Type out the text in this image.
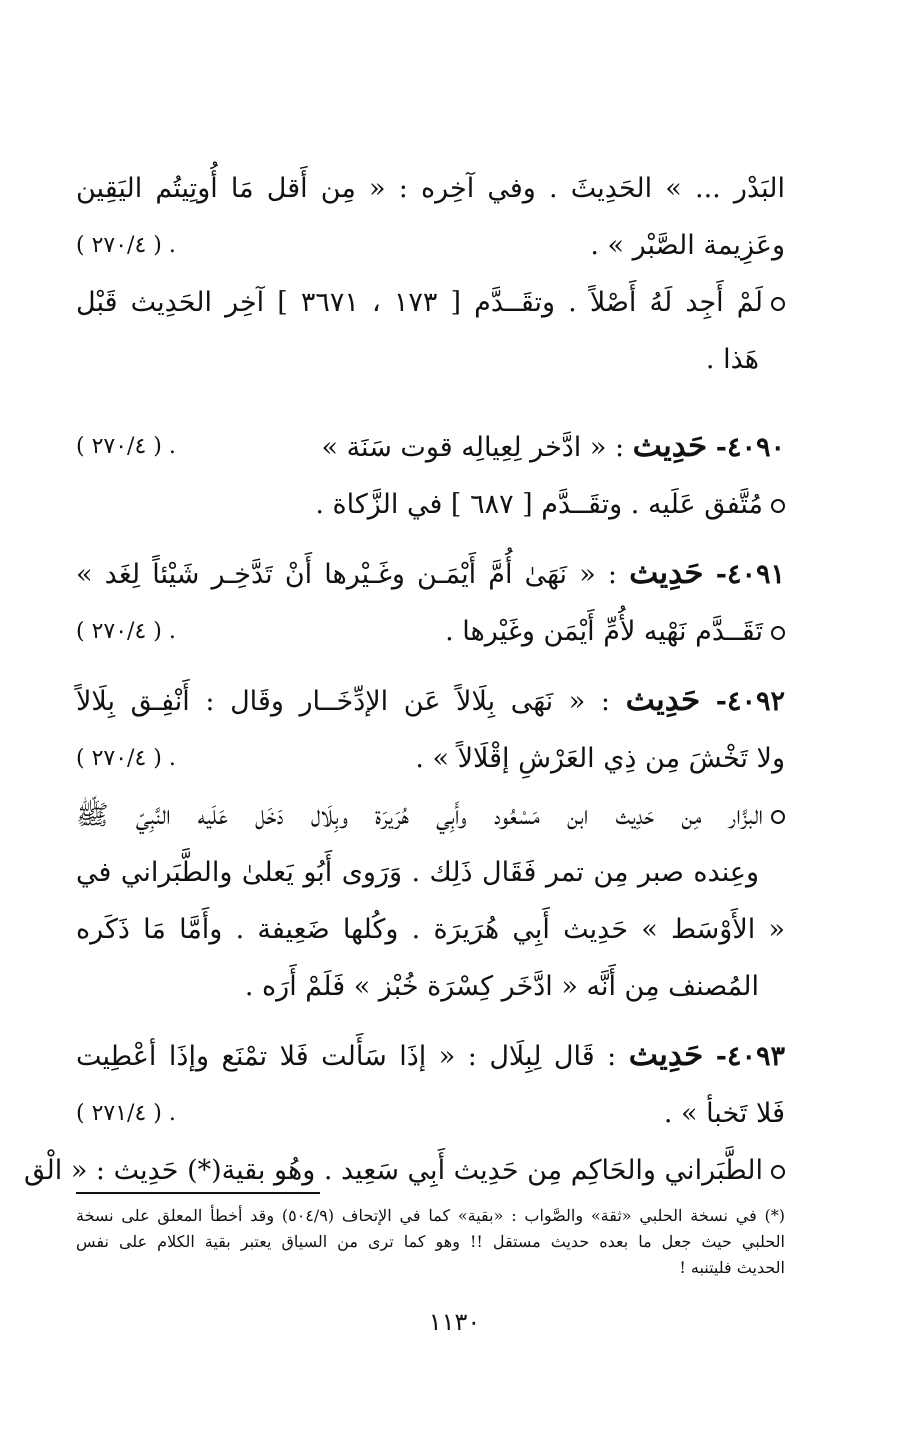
البَدْر ... » الحَدِيثَ . وفي آخِره : « مِن أَقل مَا أُوتِيتُم اليَقِين
وعَزِيمة الصَّبْر » .
( ٢٧٠/٤ ) .
لَمْ أَجِد لَهُ أَصْلاً . وتقَــدَّم [ ١٧٣ ، ٣٦٧١ ] آخِر الحَدِيث قَبْل
هَذا .
٤٠٩٠- حَدِيث : « ادَّخر لِعِيالِه قوت سَنَة »
( ٢٧٠/٤ ) .
مُتَّفق عَلَيه . وتقَــدَّم [ ٦٨٧ ] في الزَّكاة .
٤٠٩١- حَدِيث : « نَهَىٰ أُمَّ أَيْمَـن وغَـيْرها أَنْ تَدَّخِـر شَيْئاً لِغَد »
( ٢٧٠/٤ ) .	تَقَــدَّم نَهْيه لأُمِّ أَيْمَن وغَيْرها .
٤٠٩٢- حَدِيث : « نَهَى بِلَالاً عَن الإدِّخَــار وقَال : أَنْفِـق بِلَالاً
ولا تَخْشَ مِن ذِي العَرْشِ إقْلَالاً » .
( ٢٧٠/٤ ) .
البزَّار مِن حَدِيث ابن مَسْعُود وأَبِي هُرَيرَة وبِلَال دَخَل عَلَيه النَّبِيّ ﷺ
وعِنده صبر مِن تمر فَقَال ذَلِك . وَرَوى أَبُو يَعلىٰ والطَّبَراني في
« الأَوْسَط » حَدِيث أَبِي هُرَيرَة . وكُلها ضَعِيفة . وأَمَّا مَا ذَكَره
المُصنف مِن أَنَّه « ادَّخَر كِسْرَة خُبْز » فَلَمْ أَرَه .
٤٠٩٣- حَدِيث : قَال لِبِلَال : « إذَا سَأَلت فَلا تمْنَع وإذَا أعْطِيت
فَلا تَخبأ » .
( ٢٧١/٤ ) .
الطَّبَراني والحَاكِم مِن حَدِيث أَبِي سَعِيد . وهُو بقية(*) حَدِيث : « الْق
(*) في نسخة الحلبي «ثقة» والصَّواب : «بقية» كما في الإتحاف (٥٠٤/٩) وقد أخطأ المعلق على نسخة
الحلبي حيث جعل ما بعده حديث مستقل !! وهو كما ترى من السياق يعتبر بقية الكلام على نفس
الحديث فليتنبه !
١١٣٠
